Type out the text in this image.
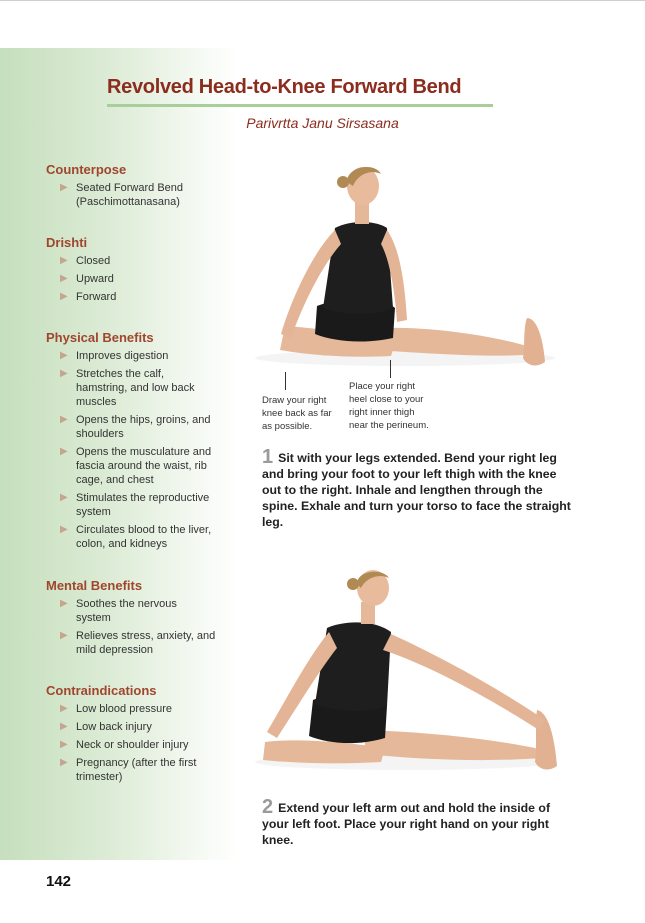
Revolved Head-to-Knee Forward Bend
Parivrtta Janu Sirsasana
Counterpose
▶ Seated Forward Bend (Paschimottanasana)
Drishti
▶ Closed
▶ Upward
▶ Forward
Physical Benefits
▶ Improves digestion
▶ Stretches the calf, hamstring, and low back muscles
▶ Opens the hips, groins, and shoulders
▶ Opens the musculature and fascia around the waist, rib cage, and chest
▶ Stimulates the reproductive system
▶ Circulates blood to the liver, colon, and kidneys
Mental Benefits
▶ Soothes the nervous system
▶ Relieves stress, anxiety, and mild depression
Contraindications
▶ Low blood pressure
▶ Low back injury
▶ Neck or shoulder injury
▶ Pregnancy (after the first trimester)
Draw your right knee back as far as possible.
Place your right heel close to your right inner thigh near the perineum.
1 Sit with your legs extended. Bend your right leg and bring your foot to your left thigh with the knee out to the right. Inhale and lengthen through the spine. Exhale and turn your torso to face the straight leg.
2 Extend your left arm out and hold the inside of your left foot. Place your right hand on your right knee.
142
